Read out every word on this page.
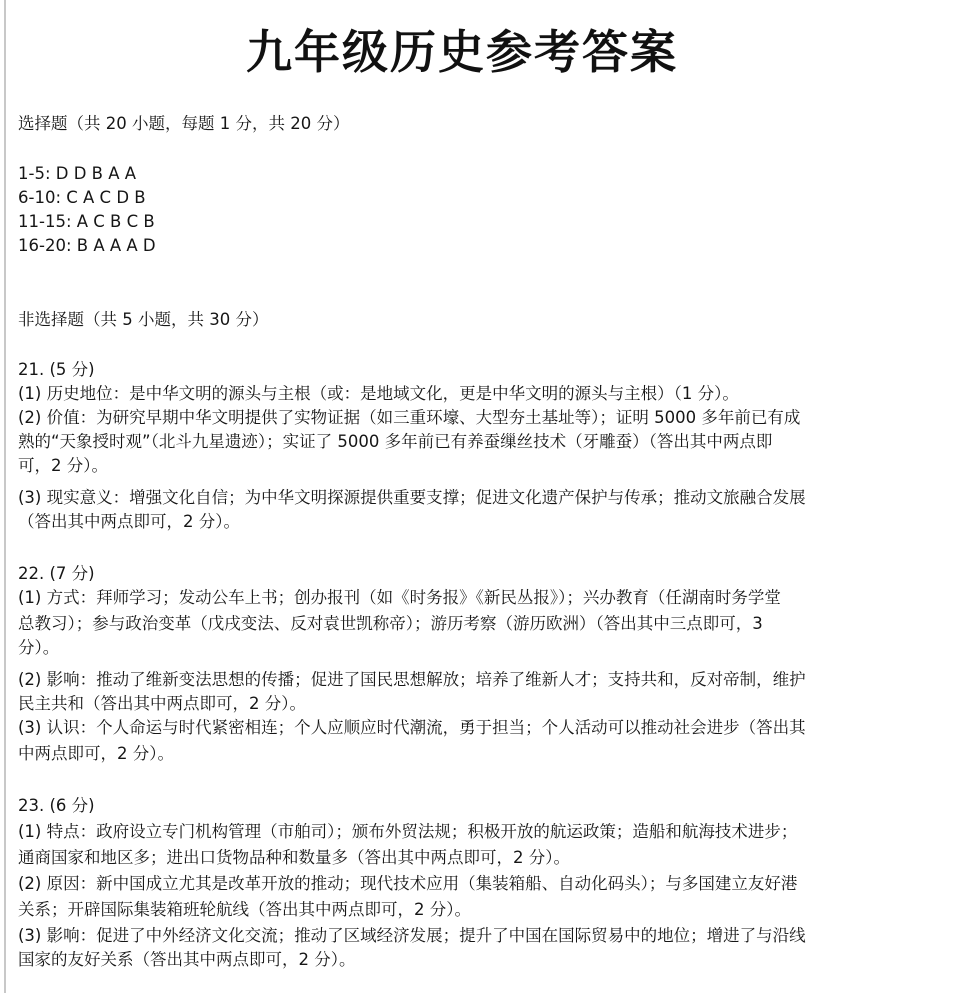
九年级历史参考答案
选择题（共 20 小题，每题 1 分，共 20 分）
1-5: D D B A A
6-10: C A C D B
11-15: A C B C B
16-20: B A A A D
非选择题（共 5 小题，共 30 分）
21. (5 分)
(1) 历史地位：是中华文明的源头与主根（或：是地域文化，更是中华文明的源头与主根）（1 分）。
(2) 价值：为研究早期中华文明提供了实物证据（如三重环壕、大型夯土基址等）；证明 5000 多年前已有成
熟的“天象授时观”（北斗九星遗迹）；实证了 5000 多年前已有养蚕缫丝技术（牙雕蚕）（答出其中两点即
可，2 分）。
(3) 现实意义：增强文化自信；为中华文明探源提供重要支撑；促进文化遗产保护与传承；推动文旅融合发展
（答出其中两点即可，2 分）。
22. (7 分)
(1) 方式：拜师学习；发动公车上书；创办报刊（如《时务报》《新民丛报》）；兴办教育（任湖南时务学堂
总教习）；参与政治变革（戊戌变法、反对袁世凯称帝）；游历考察（游历欧洲）（答出其中三点即可，3
分）。
(2) 影响：推动了维新变法思想的传播；促进了国民思想解放；培养了维新人才；支持共和，反对帝制，维护
民主共和（答出其中两点即可，2 分）。
(3) 认识：个人命运与时代紧密相连；个人应顺应时代潮流，勇于担当；个人活动可以推动社会进步（答出其
中两点即可，2 分）。
23. (6 分)
(1) 特点：政府设立专门机构管理（市舶司）；颁布外贸法规；积极开放的航运政策；造船和航海技术进步；
通商国家和地区多；进出口货物品种和数量多（答出其中两点即可，2 分）。
(2) 原因：新中国成立尤其是改革开放的推动；现代技术应用（集装箱船、自动化码头）；与多国建立友好港
关系；开辟国际集装箱班轮航线（答出其中两点即可，2 分）。
(3) 影响：促进了中外经济文化交流；推动了区域经济发展；提升了中国在国际贸易中的地位；增进了与沿线
国家的友好关系（答出其中两点即可，2 分）。
